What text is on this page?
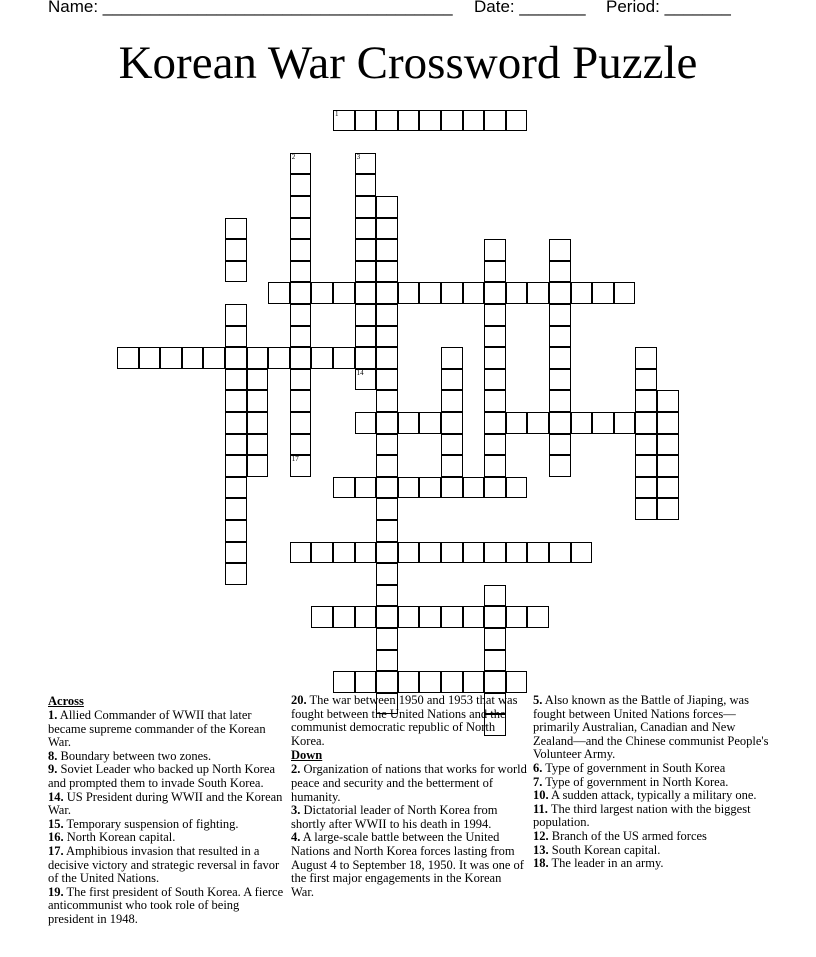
Name: _____________________________________ Date: _______ Period: _______
Korean War Crossword Puzzle
1
2	3
14
17
Across
1. Allied Commander of WWII that later became supreme commander of the Korean War.
8. Boundary between two zones.
9. Soviet Leader who backed up North Korea and prompted them to invade South Korea.
14. US President during WWII and the Korean War.
15. Temporary suspension of fighting.
16. North Korean capital.
17. Amphibious invasion that resulted in a decisive victory and strategic reversal in favor of the United Nations.
19. The first president of South Korea. A fierce anticommunist who took role of being president in 1948.
20. The war between 1950 and 1953 that was fought between the United Nations and the communist democratic republic of North Korea.
Down
2. Organization of nations that works for world peace and security and the betterment of humanity.
3. Dictatorial leader of North Korea from shortly after WWII to his death in 1994.
4. A large-scale battle between the United Nations and North Korea forces lasting from August 4 to September 18, 1950. It was one of the first major engagements in the Korean War.
5. Also known as the Battle of Jiaping, was fought between United Nations forces—primarily Australian, Canadian and New Zealand—and the Chinese communist People's Volunteer Army.
6. Type of government in South Korea
7. Type of government in North Korea.
10. A sudden attack, typically a military one.
11. The third largest nation with the biggest population.
12. Branch of the US armed forces
13. South Korean capital.
18. The leader in an army.
